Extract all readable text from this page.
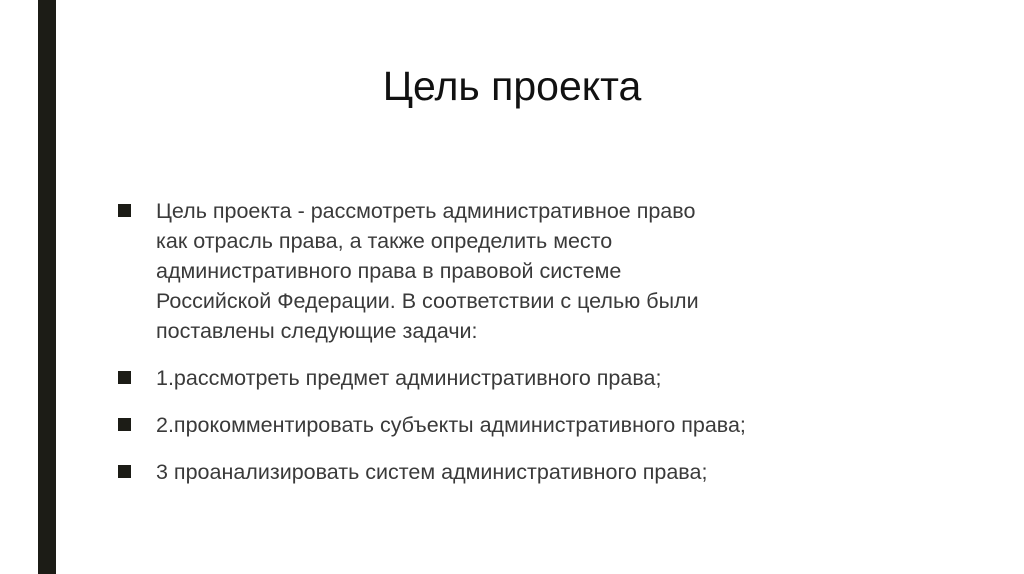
Цель проекта
Цель проекта - рассмотреть административное право как отрасль права, а также определить место административного права в правовой системе Российской Федерации. В соответствии с целью были поставлены следующие задачи:
1.рассмотреть предмет административного права;
2.прокомментировать субъекты административного права;
3 проанализировать систем административного права;
